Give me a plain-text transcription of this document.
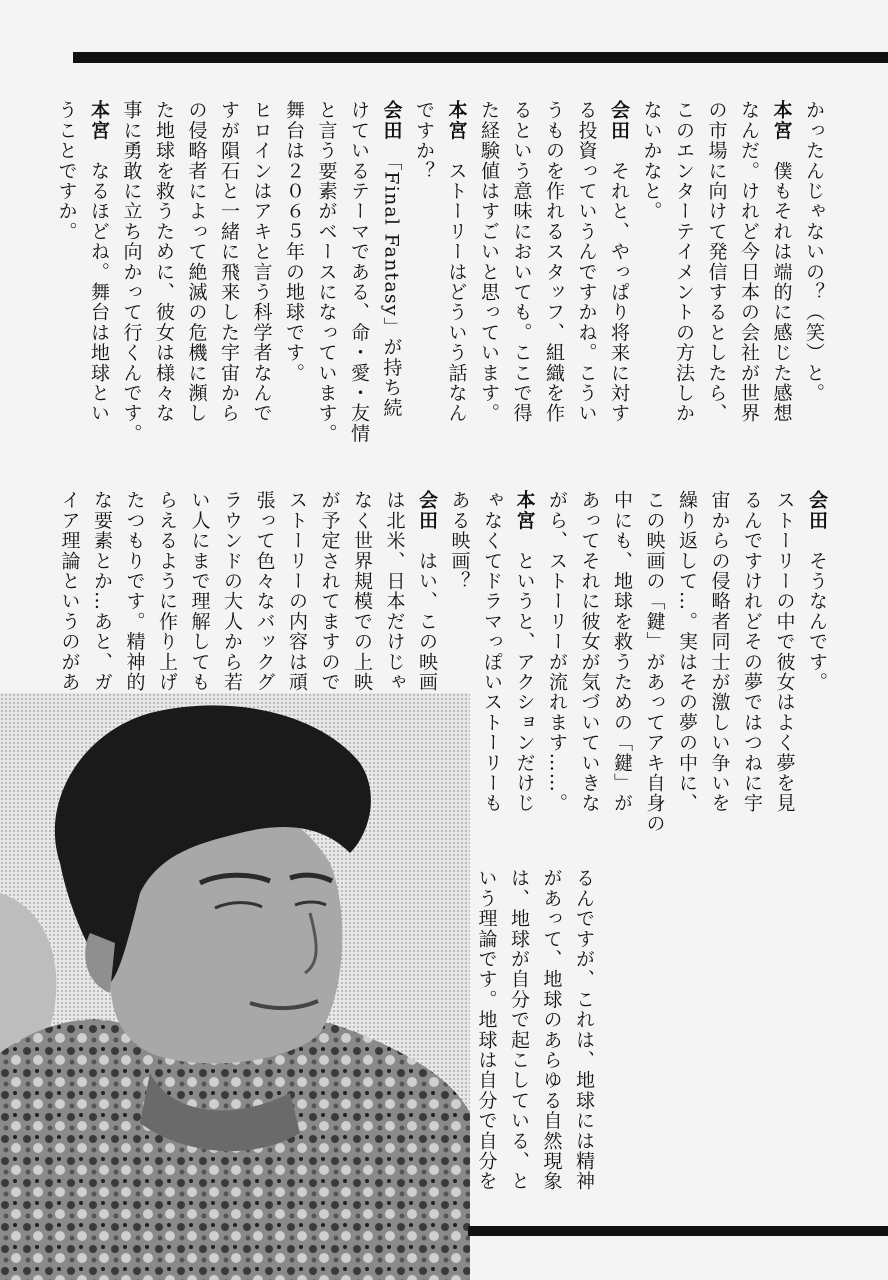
かったんじゃないの？（笑）と。
本宮　僕もそれは端的に感じた感想
なんだ。けれど今日本の会社が世界
の市場に向けて発信するとしたら、
このエンターテイメントの方法しか
ないかなと。
会田　それと、やっぱり将来に対す
る投資っていうんですかね。こうい
うものを作れるスタッフ、組織を作
るという意味においても。ここで得
た経験値はすごいと思っています。
本宮　ストーリーはどういう話なん
ですか？
会田　「Final Fantasy」が持ち続
けているテーマである、命・愛・友情
と言う要素がベースになっています。
舞台は２０６５年の地球です。
ヒロインはアキと言う科学者なんで
すが隕石と一緒に飛来した宇宙から
の侵略者によって絶滅の危機に瀕し
た地球を救うために、彼女は様々な
事に勇敢に立ち向かって行くんです。
本宮　なるほどね。舞台は地球とい
うことですか。
会田　そうなんです。
ストーリーの中で彼女はよく夢を見
るんですけれどその夢ではつねに宇
宙からの侵略者同士が激しい争いを
繰り返して…。実はその夢の中に、
この映画の「鍵」があってアキ自身の
中にも、地球を救うための「鍵」が
あってそれに彼女が気づいていきな
がら、ストーリーが流れます……。
本宮　というと、アクションだけじ
ゃなくてドラマっぽいストーリーも
ある映画？
会田　はい、この映画
は北米、日本だけじゃ
なく世界規模での上映
が予定されてますので
ストーリーの内容は頑
張って色々なバックグ
ラウンドの大人から若
い人にまで理解しても
らえるように作り上げ
たつもりです。精神的
な要素とか…あと、ガ
イア理論というのがあ
るんですが、これは、地球には精神
があって、地球のあらゆる自然現象
は、地球が自分で起こしている、と
いう理論です。地球は自分で自分を
